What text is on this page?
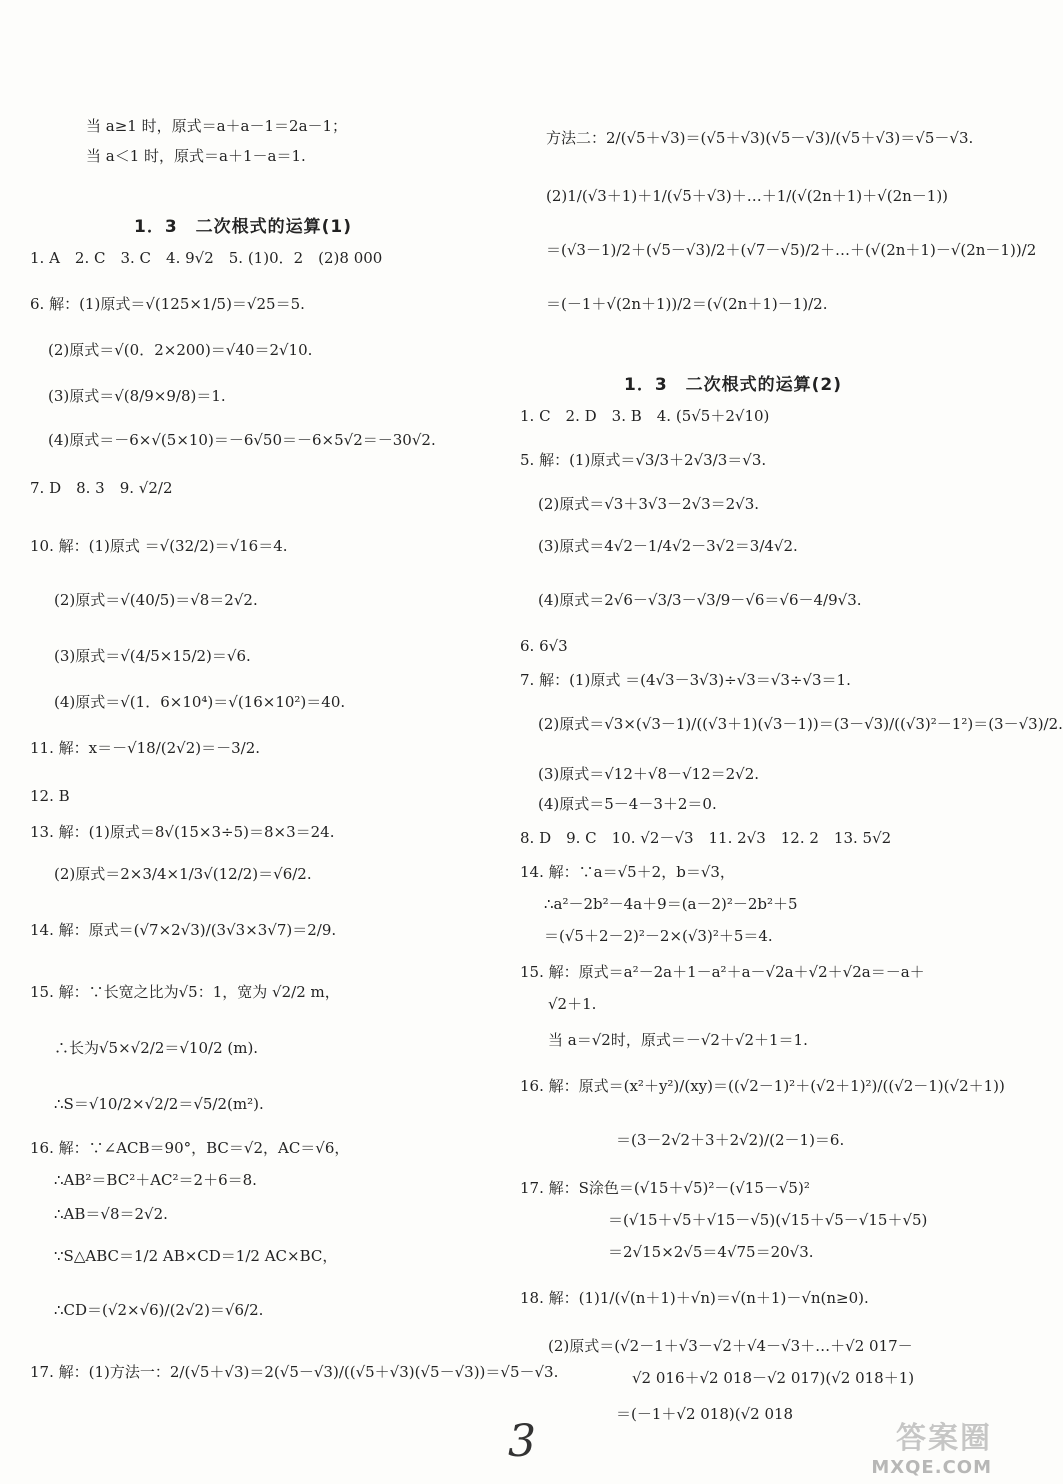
当 a≥1 时，原式＝a＋a－1＝2a－1；
当 a＜1 时，原式＝a＋1－a＝1.
1．3　二次根式的运算(1)
1. A　2. C　3. C　4. 9√2　5. (1)0．2　(2)8 000
6. 解：(1)原式＝√(125×1/5)＝√25＝5.
(2)原式＝√(0．2×200)＝√40＝2√10.
(3)原式＝√(8/9×9/8)＝1.
(4)原式＝－6×√(5×10)＝－6√50＝－6×5√2＝－30√2.
7. D　8. 3　9. √2/2
10. 解：(1)原式 ＝√(32/2)＝√16＝4.
(2)原式＝√(40/5)＝√8＝2√2.
(3)原式＝√(4/5×15/2)＝√6.
(4)原式＝√(1．6×10⁴)＝√(16×10²)＝40.
11. 解：x＝－√18/(2√2)＝－3/2.
12. B
13. 解：(1)原式＝8√(15×3÷5)＝8×3＝24.
(2)原式＝2×3/4×1/3√(12/2)＝√6/2.
14. 解：原式＝(√7×2√3)/(3√3×3√7)＝2/9.
15. 解：∵长宽之比为√5：1，宽为 √2/2 m，
∴长为√5×√2/2＝√10/2 (m).
∴S＝√10/2×√2/2＝√5/2(m²).
16. 解：∵∠ACB＝90°，BC＝√2，AC＝√6，
∴AB²＝BC²＋AC²＝2＋6＝8.
∴AB＝√8＝2√2.
∵S△ABC＝1/2 AB×CD＝1/2 AC×BC，
∴CD＝(√2×√6)/(2√2)＝√6/2.
17. 解：(1)方法一：2/(√5＋√3)＝2(√5－√3)/((√5＋√3)(√5－√3))＝√5－√3.
方法二：2/(√5＋√3)＝(√5＋√3)(√5－√3)/(√5＋√3)＝√5－√3.
(2)1/(√3＋1)＋1/(√5＋√3)＋…＋1/(√(2n＋1)＋√(2n－1))
＝(√3－1)/2＋(√5－√3)/2＋(√7－√5)/2＋…＋(√(2n＋1)－√(2n－1))/2
＝(－1＋√(2n＋1))/2＝(√(2n＋1)－1)/2.
1．3　二次根式的运算(2)
1. C　2. D　3. B　4. (5√5＋2√10)
5. 解：(1)原式＝√3/3＋2√3/3＝√3.
(2)原式＝√3＋3√3－2√3＝2√3.
(3)原式＝4√2－1/4√2－3√2＝3/4√2.
(4)原式＝2√6－√3/3－√3/9－√6＝√6－4/9√3.
6. 6√3
7. 解：(1)原式 ＝(4√3－3√3)÷√3＝√3÷√3＝1.
(2)原式＝√3×(√3－1)/((√3＋1)(√3－1))＝(3－√3)/((√3)²－1²)＝(3－√3)/2.
(3)原式＝√12＋√8－√12＝2√2.
(4)原式＝5－4－3＋2＝0.
8. D　9. C　10. √2－√3　11. 2√3　12. 2　13. 5√2
14. 解：∵a＝√5＋2，b＝√3，
∴a²－2b²－4a＋9＝(a－2)²－2b²＋5
＝(√5＋2－2)²－2×(√3)²＋5＝4.
15. 解：原式＝a²－2a＋1－a²＋a－√2a＋√2＋√2a＝－a＋
√2＋1.
当 a＝√2时，原式＝－√2＋√2＋1＝1.
16. 解：原式＝(x²＋y²)/(xy)＝((√2－1)²＋(√2＋1)²)/((√2－1)(√2＋1))
＝(3－2√2＋3＋2√2)/(2－1)＝6.
17. 解：S涂色＝(√15＋√5)²－(√15－√5)²
＝(√15＋√5＋√15－√5)(√15＋√5－√15＋√5)
＝2√15×2√5＝4√75＝20√3.
18. 解：(1)1/(√(n＋1)＋√n)＝√(n＋1)－√n(n≥0).
(2)原式＝(√2－1＋√3－√2＋√4－√3＋…＋√2 017－
√2 016＋√2 018－√2 017)(√2 018＋1)
＝(－1＋√2 018)(√2 018
3	答案圈
MXQE.COM
